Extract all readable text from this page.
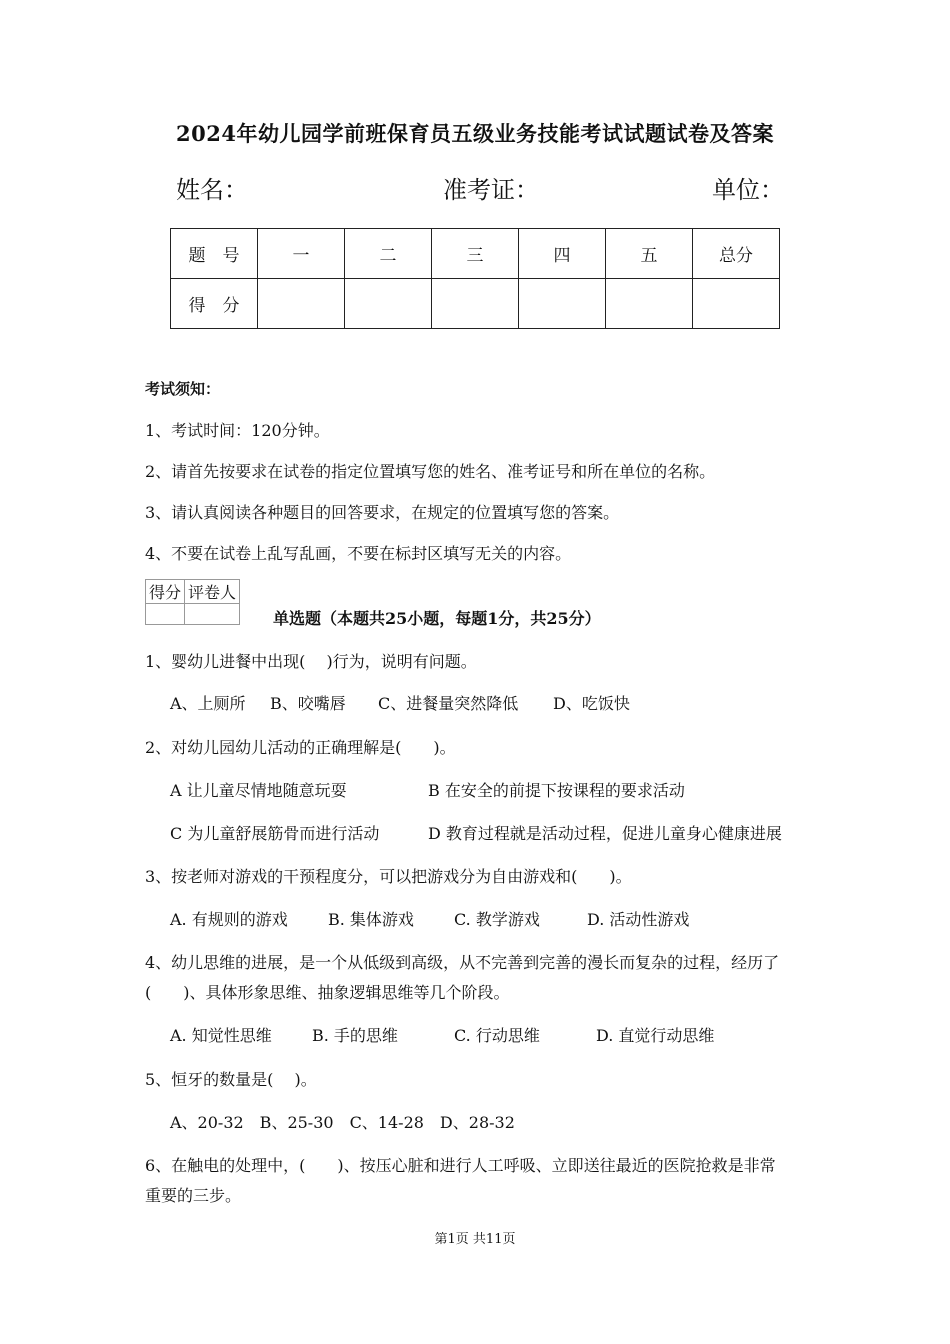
2024年幼儿园学前班保育员五级业务技能考试试题试卷及答案
姓名：	准考证：	单位：
题　号	一	二	三	四	五	总分
得　分						
考试须知：
1、考试时间：120分钟。
2、请首先按要求在试卷的指定位置填写您的姓名、准考证号和所在单位的名称。
3、请认真阅读各种题目的回答要求，在规定的位置填写您的答案。
4、不要在试卷上乱写乱画，不要在标封区填写无关的内容。
得分	评卷人

单选题（本题共25小题，每题1分，共25分）
1、婴幼儿进餐中出现(　 )行为，说明有问题。
A、上厕所 B、咬嘴唇 C、进餐量突然降低 D、吃饭快
2、对幼儿园幼儿活动的正确理解是(　　)。
A 让儿童尽情地随意玩耍	B 在安全的前提下按课程的要求活动
C 为儿童舒展筋骨而进行活动	D 教育过程就是活动过程，促进儿童身心健康进展
3、按老师对游戏的干预程度分，可以把游戏分为自由游戏和(　　)。
A. 有规则的游戏	B. 集体游戏	C. 教学游戏	D. 活动性游戏
4、幼儿思维的进展，是一个从低级到高级，从不完善到完善的漫长而复杂的过程，经历了
(　　)、具体形象思维、抽象逻辑思维等几个阶段。
A. 知觉性思维	B. 手的思维	C. 行动思维	D. 直觉行动思维
5、恒牙的数量是(　 )。
A、20-32　B、25-30　C、14-28　D、28-32
6、在触电的处理中，(　　)、按压心脏和进行人工呼吸、立即送往最近的医院抢救是非常
重要的三步。
第1页 共11页
